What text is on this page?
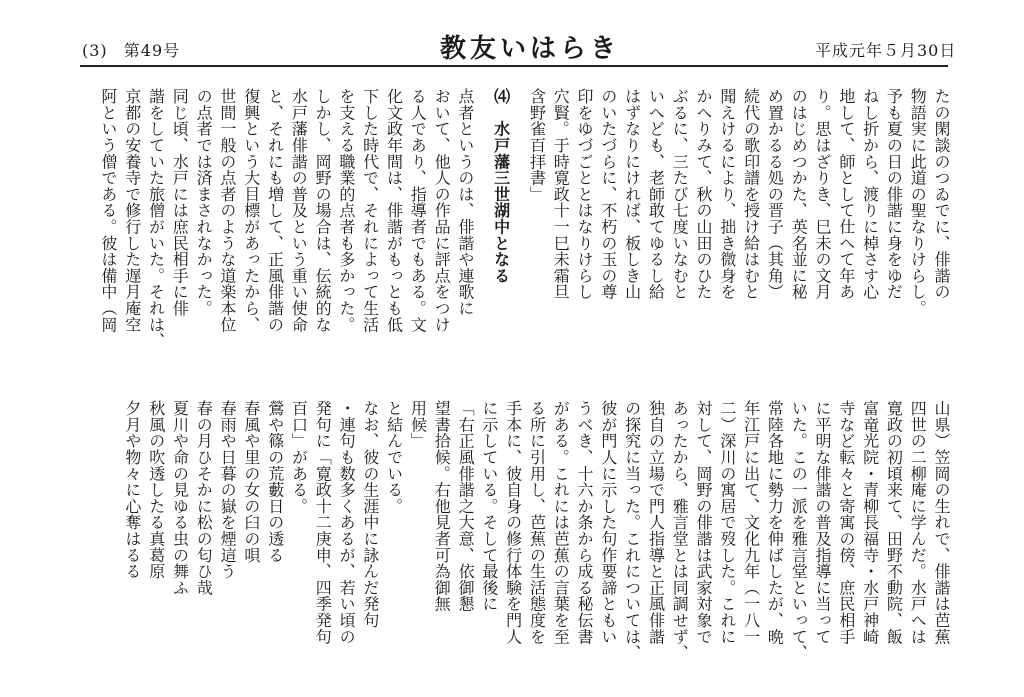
(3) 第49号	教友いはらき	平成元年５月30日
たの閑談のつゐでに、俳諧の
物語実に此道の聖なりけらし。
予も夏の日の俳諧に身をゆだ
ねし折から、渡りに棹さす心
地して、師として仕へて年あ
り。思はざりき、巳未の文月
のはじめつかた、英名並に秘
め置かるる処の晋子（其角）
続代の歌印譜を授け給はむと
聞えけるにより、拙き微身を
かへりみて、秋の山田のひた
ぶるに、三たび七度いなむと
いへども、老師敢てゆるし給
はずなりにければ、板しき山
のいたづらに、不朽の玉の尊
印をゆづごととはなりけらし
穴賢。于時寛政十一巳未霜旦
含野雀百拝書」
⑷　水戸藩三世湖中となる
点者というのは、俳諧や連歌に
おいて、他人の作品に評点をつけ
る人であり、指導者でもある。文
化文政年間は、俳諧がもっとも低
下した時代で、それによって生活
を支える職業的点者も多かった。
しかし、岡野の場合は、伝統的な
水戸藩俳諧の普及という重い使命
と、それにも増して、正風俳諧の
復興という大目標があったから、
世間一般の点者のような道楽本位
の点者では済まされなかった。
同じ頃、水戸には庶民相手に俳
諧をしていた旅僧がいた。それは、
京都の安養寺で修行した遅月庵空
阿という僧である。彼は備中（岡
山県）笠岡の生れで、俳諧は芭蕉
四世の二柳庵に学んだ。水戸へは
寛政の初頃来て、田野不動院、飯
富竜光院・青柳長福寺・水戸神崎
寺など転々と寄寓の傍、庶民相手
に平明な俳諧の普及指導に当って
いた。この一派を雅言堂といって、
常陸各地に勢力を伸ばしたが、晩
年江戸に出て、文化九年（一八一
二）深川の寓居で歿した。これに
対して、岡野の俳諧は武家対象で
あったから、雅言堂とは同調せず、
独自の立場で門人指導と正風俳諧
の探究に当った。これについては、
彼が門人に示した句作要諦ともい
うべき、十六か条から成る秘伝書
がある。これには芭蕉の言葉を至
る所に引用し、芭蕉の生活態度を
手本に、彼自身の修行体験を門人
に示している。そして最後に
「右正風俳諧之大意、依御懇
望書拾候。右他見者可為御無
用候」
と結んでいる。
なお、彼の生涯中に詠んだ発句
・連句も数多くあるが、若い頃の
発句に「寛政十二庚申、四季発句
百口」がある。
鶯や篠の荒藪日の透る
春風や里の女の臼の唄
春雨や日暮の嶽を煙這う
春の月ひそかに松の匂ひ哉
夏川や命の見ゆる虫の舞ふ
秋風の吹透したる真葛原
夕月や物々に心奪はるる
